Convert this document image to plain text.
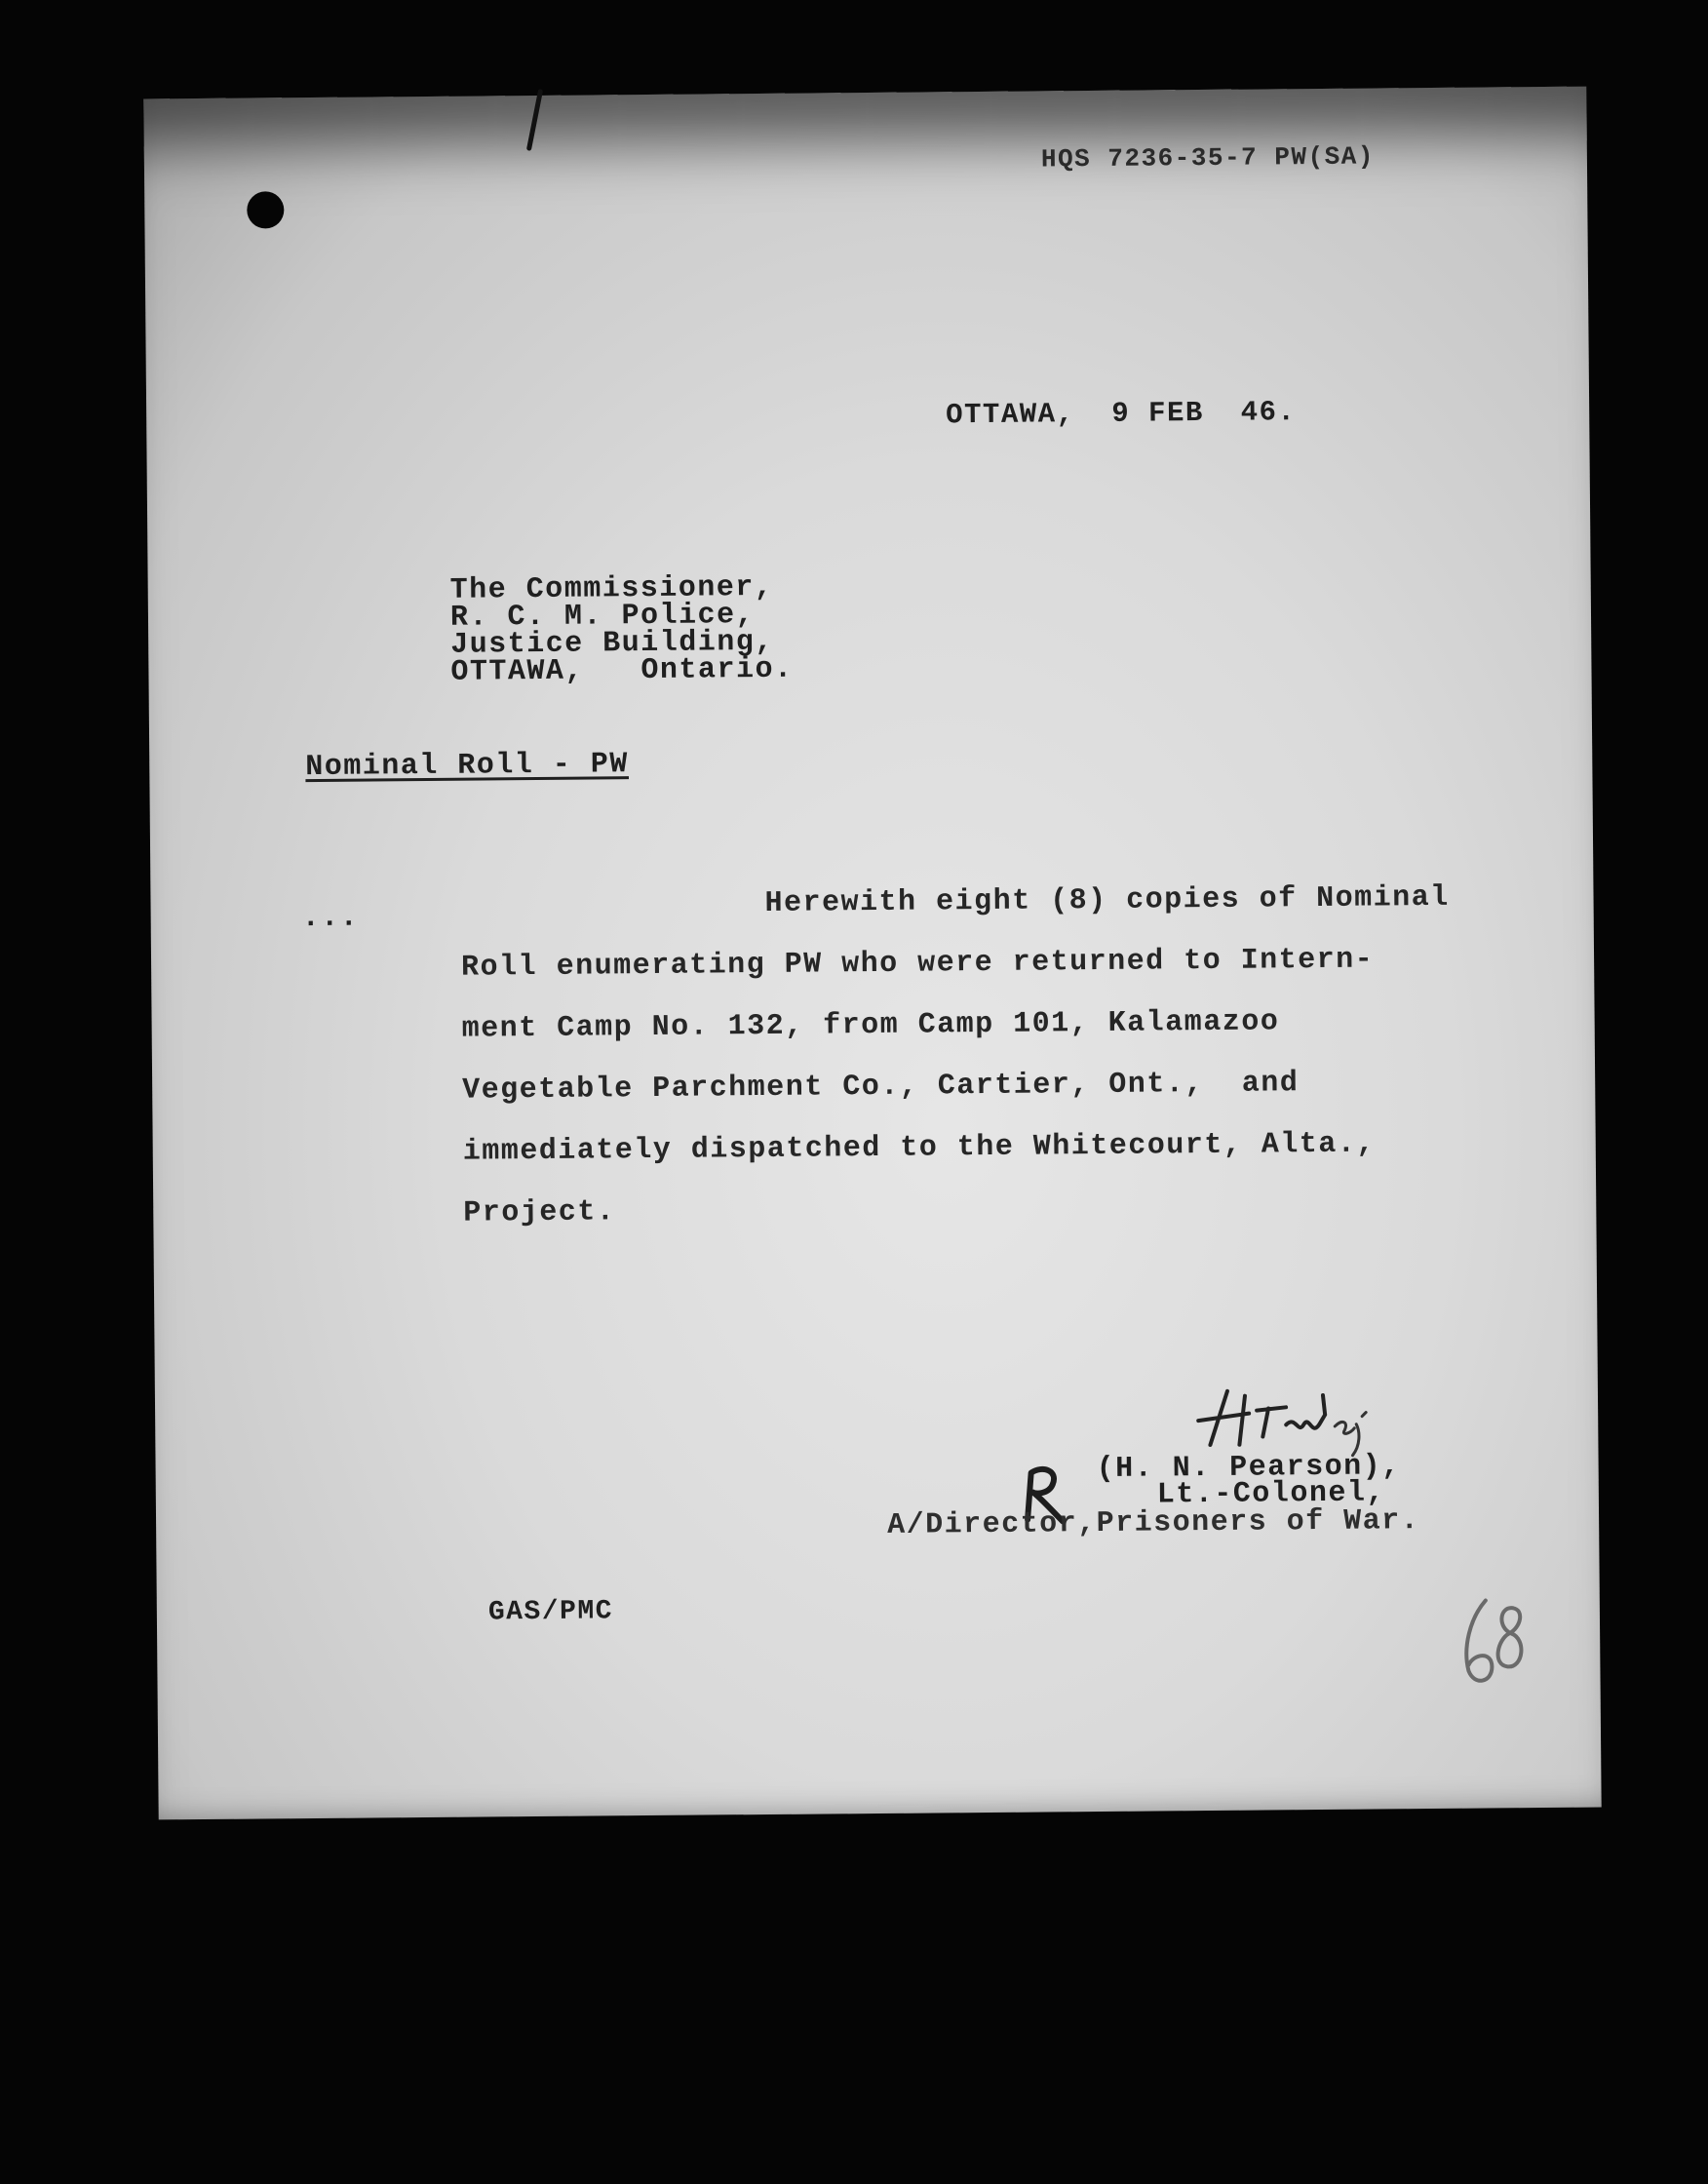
HQS 7236-35-7 PW(SA)
OTTAWA,  9 FEB  46.
The Commissioner,
R. C. M. Police,
Justice Building,
OTTAWA,   Ontario.
Nominal Roll - PW
...	Herewith eight (8) copies of Nominal
Roll enumerating PW who were returned to Intern-
ment Camp No. 132, from Camp 101, Kalamazoo
Vegetable Parchment Co., Cartier, Ont.,  and
immediately dispatched to the Whitecourt, Alta.,
Project.
(H. N. Pearson),
Lt.-Colonel,
A/Director,Prisoners of War.
GAS/PMC
